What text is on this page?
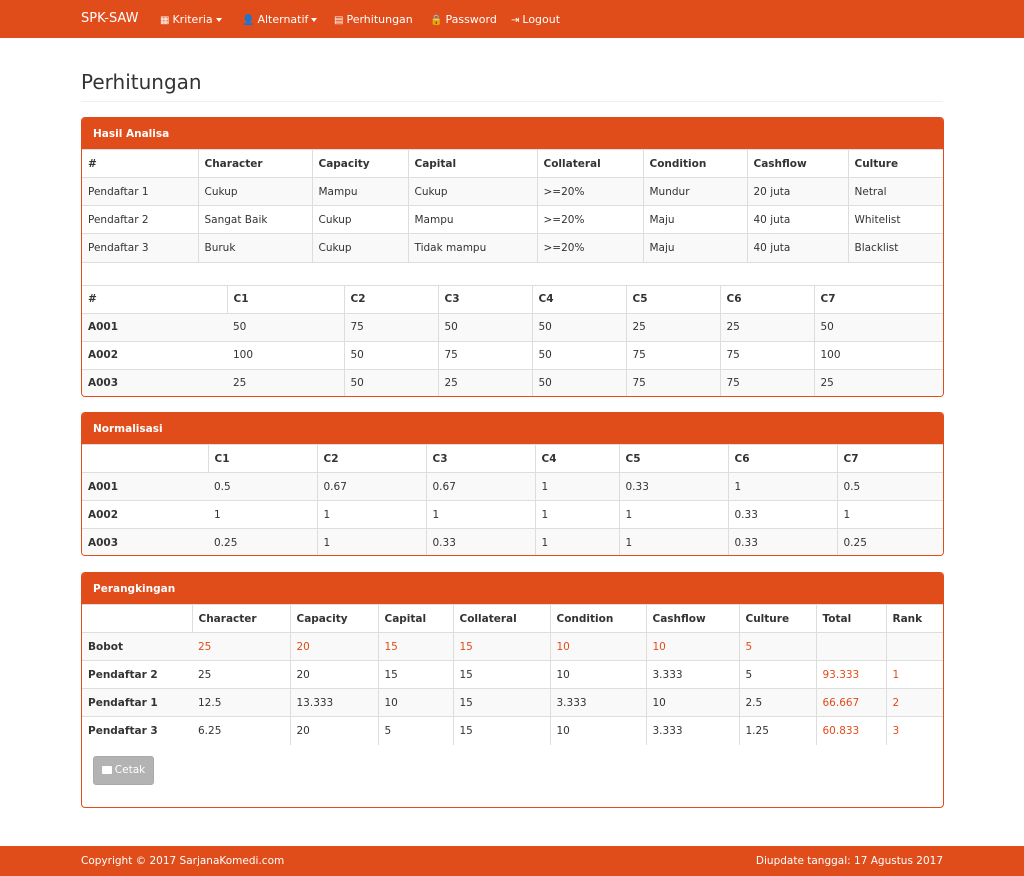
SPK-SAW ▦ Kriteria	👤 Alternatif	▤ Perhitungan 🔒 Password ⇥ Logout
Perhitungan
Hasil Analisa
#	Character	Capacity	Capital	Collateral	Condition	Cashflow	Culture
Pendaftar 1	Cukup	Mampu	Cukup	>=20%	Mundur	20 juta	Netral
Pendaftar 2	Sangat Baik	Cukup	Mampu	>=20%	Maju	40 juta	Whitelist
Pendaftar 3	Buruk	Cukup	Tidak mampu	>=20%	Maju	40 juta	Blacklist
#	C1	C2	C3	C4	C5	C6	C7
A001	50	75	50	50	25	25	50
A002	100	50	75	50	75	75	100
A003	25	50	25	50	75	75	25
Normalisasi
	C1	C2	C3	C4	C5	C6	C7
A001	0.5	0.67	0.67	1	0.33	1	0.5
A002	1	1	1	1	1	0.33	1
A003	0.25	1	0.33	1	1	0.33	0.25
Perangkingan
	Character	Capacity	Capital	Collateral	Condition	Cashflow	Culture	Total	Rank
Bobot	25	20	15	15	10	10	5		
Pendaftar 2	25	20	15	15	10	3.333	5	93.333	1
Pendaftar 1	12.5	13.333	10	15	3.333	10	2.5	66.667	2
Pendaftar 3	6.25	20	5	15	10	3.333	1.25	60.833	3
Cetak
Copyright © 2017 SarjanaKomedi.com	Diupdate tanggal: 17 Agustus 2017
